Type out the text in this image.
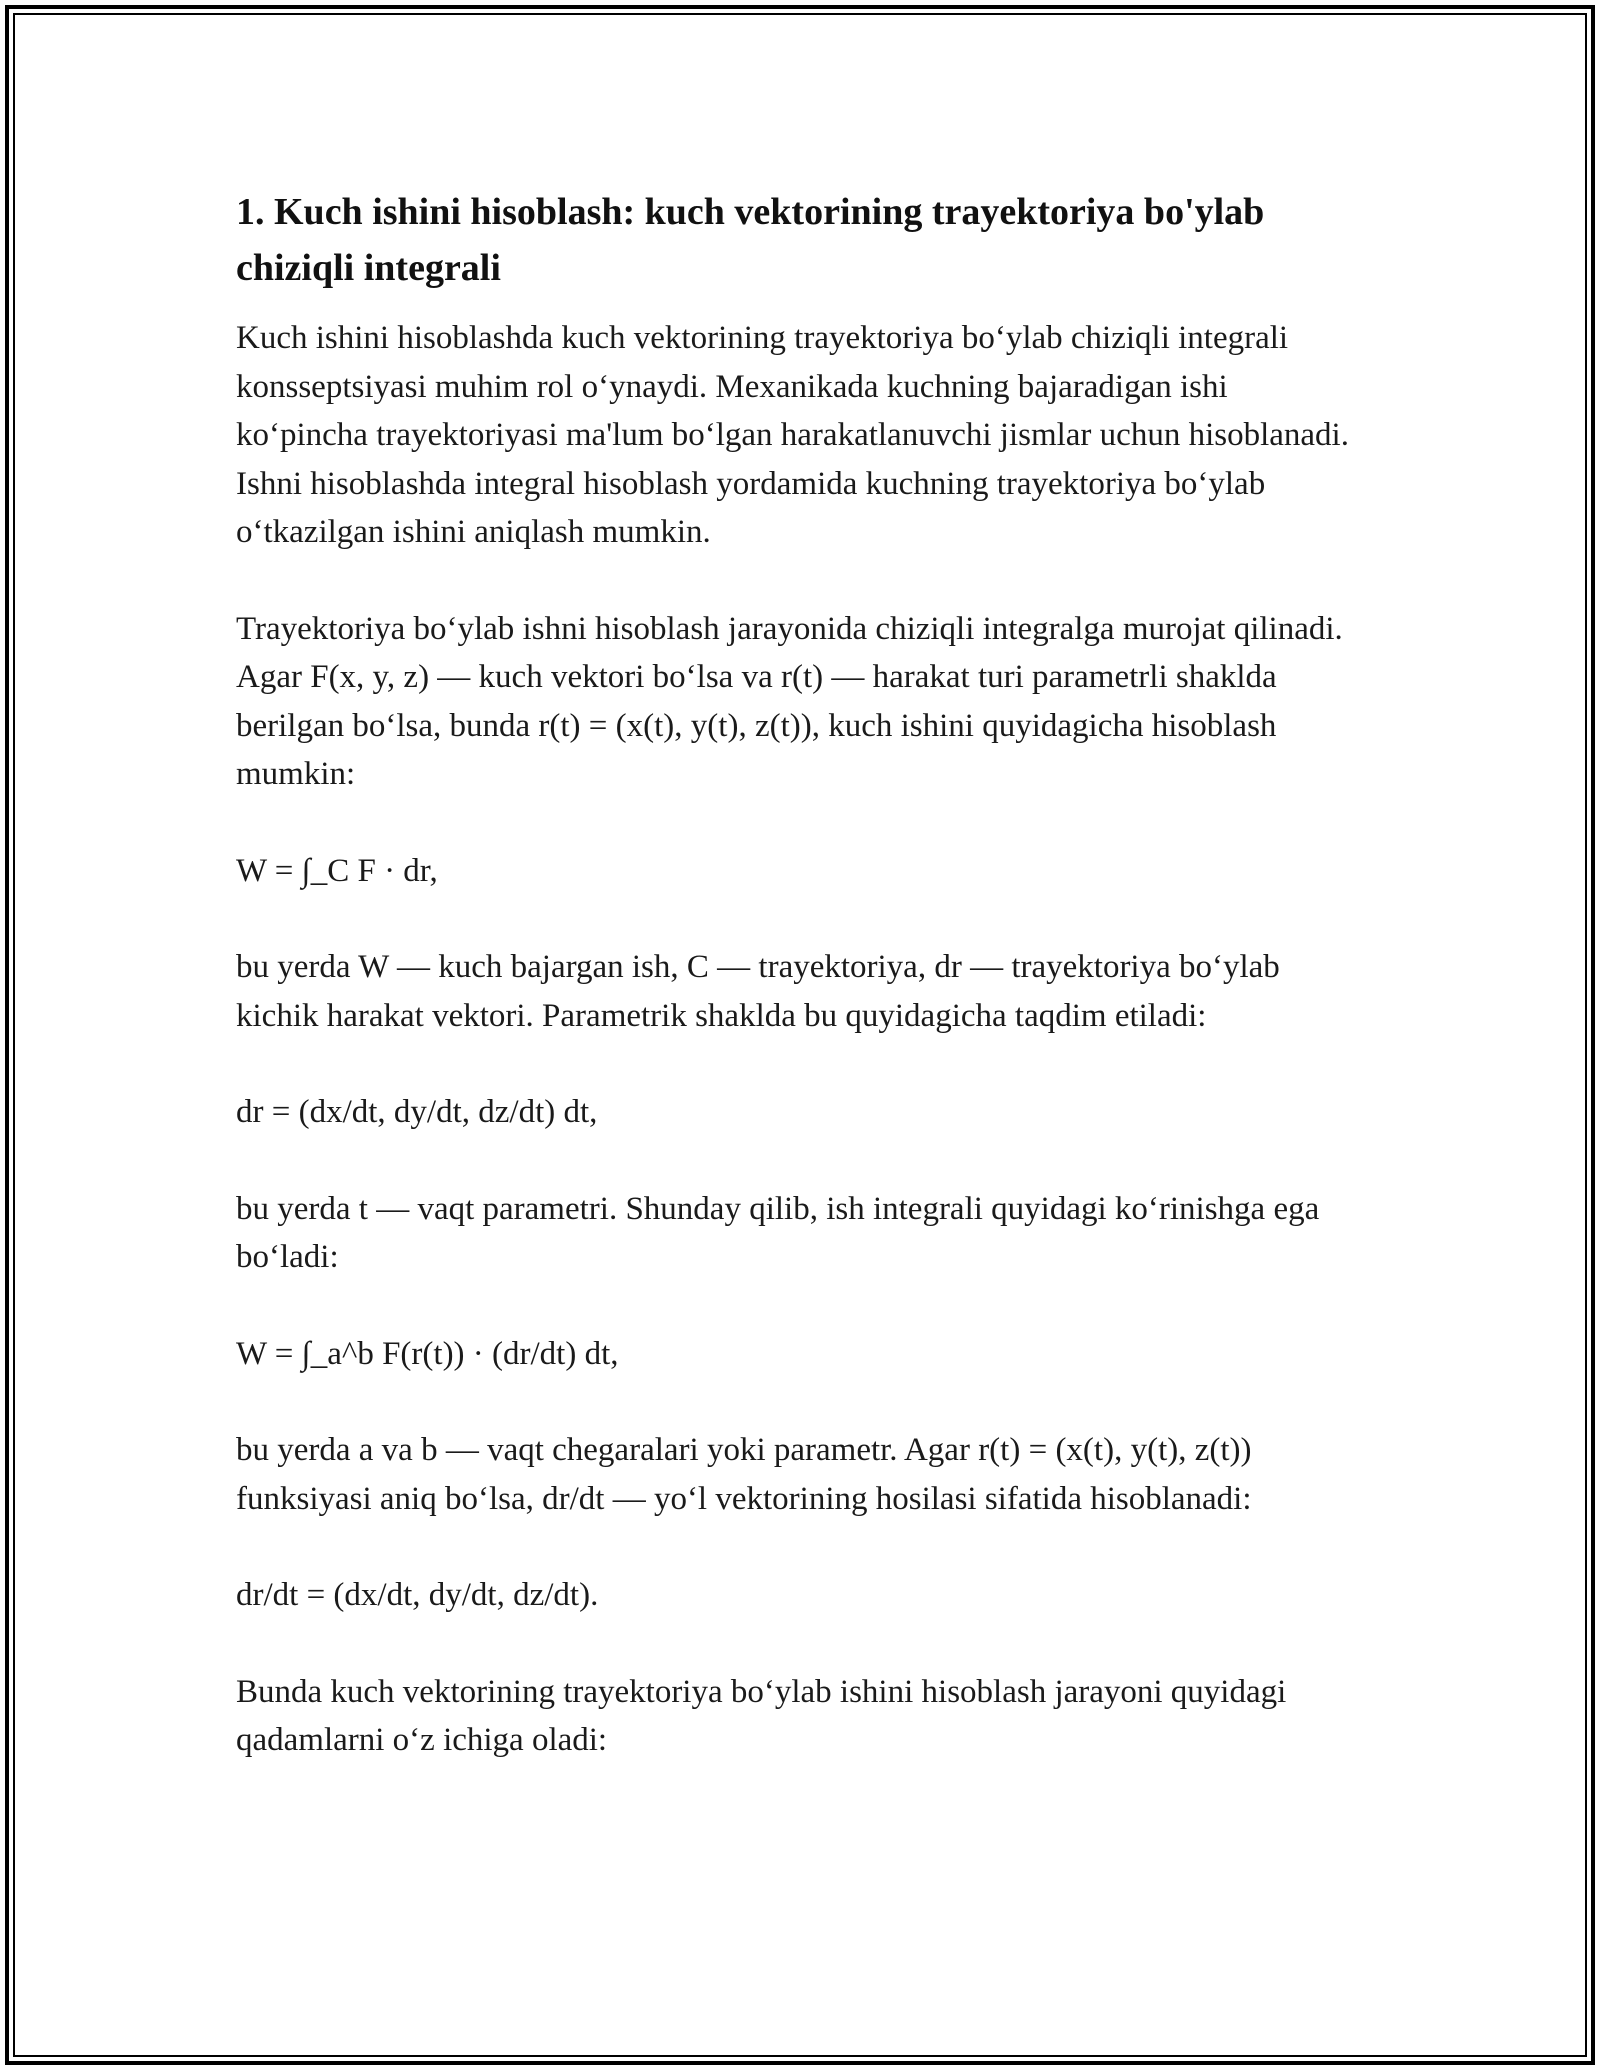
1. Kuch ishini hisoblash: kuch vektorining trayektoriya bo'ylab chiziqli integrali

Kuch ishini hisoblashda kuch vektorining trayektoriya bo‘ylab chiziqli integrali konsseptsiyasi muhim rol o‘ynaydi. Mexanikada kuchning bajaradigan ishi ko‘pincha trayektoriyasi ma'lum bo‘lgan harakatlanuvchi jismlar uchun hisoblanadi. Ishni hisoblashda integral hisoblash yordamida kuchning trayektoriya bo‘ylab o‘tkazilgan ishini aniqlash mumkin.

Trayektoriya bo‘ylab ishni hisoblash jarayonida chiziqli integralga murojat qilinadi. Agar F(x, y, z) — kuch vektori bo‘lsa va r(t) — harakat turi parametrli shaklda berilgan bo‘lsa, bunda r(t) = (x(t), y(t), z(t)), kuch ishini quyidagicha hisoblash mumkin:

W = ∫_C F · dr,

bu yerda W — kuch bajargan ish, C — trayektoriya, dr — trayektoriya bo‘ylab kichik harakat vektori. Parametrik shaklda bu quyidagicha taqdim etiladi:

dr = (dx/dt, dy/dt, dz/dt) dt,

bu yerda t — vaqt parametri. Shunday qilib, ish integrali quyidagi ko‘rinishga ega bo‘ladi:

W = ∫_a^b F(r(t)) · (dr/dt) dt,

bu yerda a va b — vaqt chegaralari yoki parametr. Agar r(t) = (x(t), y(t), z(t)) funksiyasi aniq bo‘lsa, dr/dt — yo‘l vektorining hosilasi sifatida hisoblanadi:

dr/dt = (dx/dt, dy/dt, dz/dt).

Bunda kuch vektorining trayektoriya bo‘ylab ishini hisoblash jarayoni quyidagi qadamlarni o‘z ichiga oladi:
